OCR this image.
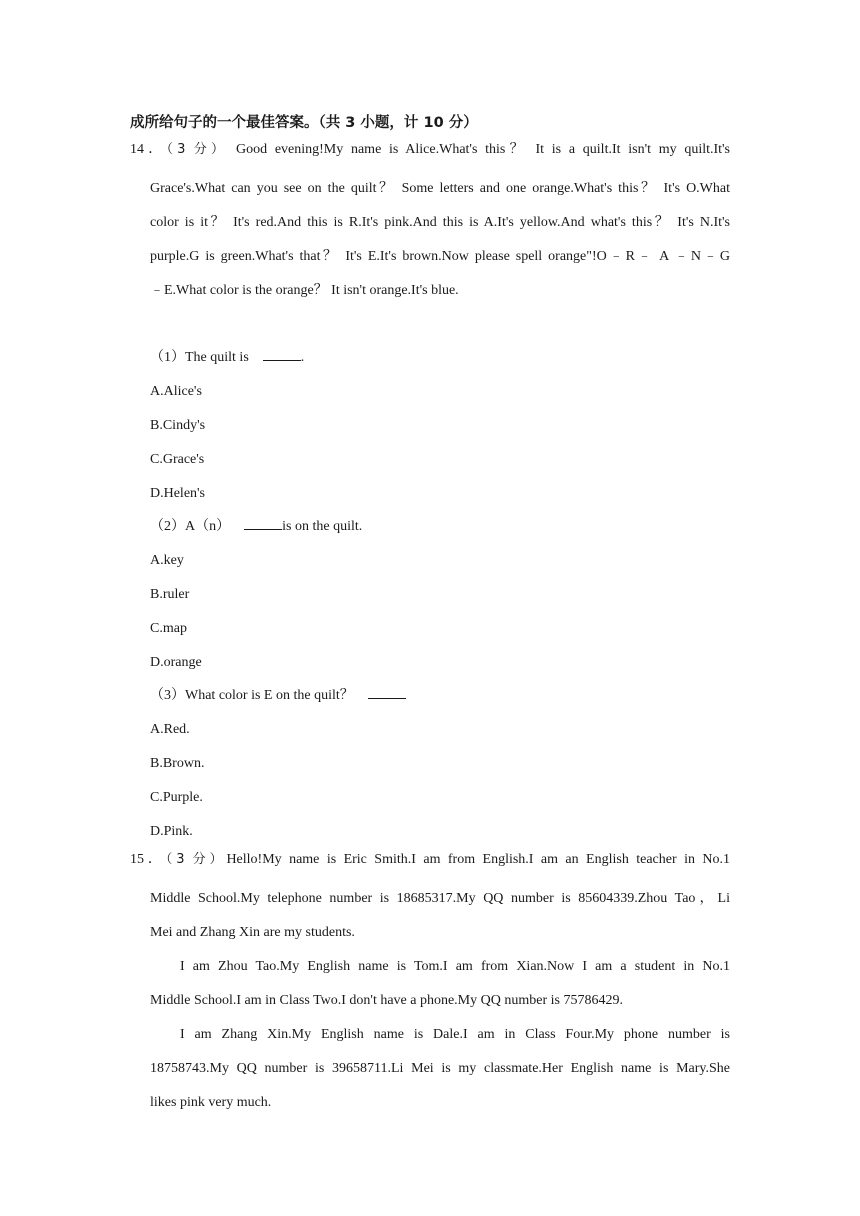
成所给句子的一个最佳答案。（共 3 小题，计 10 分）
14．（3 分） Good evening!My name is Alice.What's this？ It is a quilt.It isn't my quilt.It's
Grace's.What can you see on the quilt？ Some letters and one orange.What's this？ It's O.What
color is it？ It's red.And this is R.It's pink.And this is A.It's yellow.And what's this？ It's N.It's
purple.G is green.What's that？ It's E.It's brown.Now please spell orange"!O﹣R﹣ A ﹣N﹣G
﹣E.What color is the orange？ It isn't orange.It's blue.
（1）The quilt is	.
A.Alice's
B.Cindy's
C.Grace's
D.Helen's
（2）A（n）	is on the quilt.
A.key
B.ruler
C.map
D.orange
（3）What color is E on the quilt？
A.Red.
B.Brown.
C.Purple.
D.Pink.
15．（3 分）Hello!My name is Eric Smith.I am from English.I am an English teacher in No.1
Middle School.My telephone number is 18685317.My QQ number is 85604339.Zhou Tao，Li
Mei and Zhang Xin are my students.
I am Zhou Tao.My English name is Tom.I am from Xian.Now I am a student in No.1
Middle School.I am in Class Two.I don't have a phone.My QQ number is 75786429.
I am Zhang Xin.My English name is Dale.I am in Class Four.My phone number is
18758743.My QQ number is 39658711.Li Mei is my classmate.Her English name is Mary.She
likes pink very much.
